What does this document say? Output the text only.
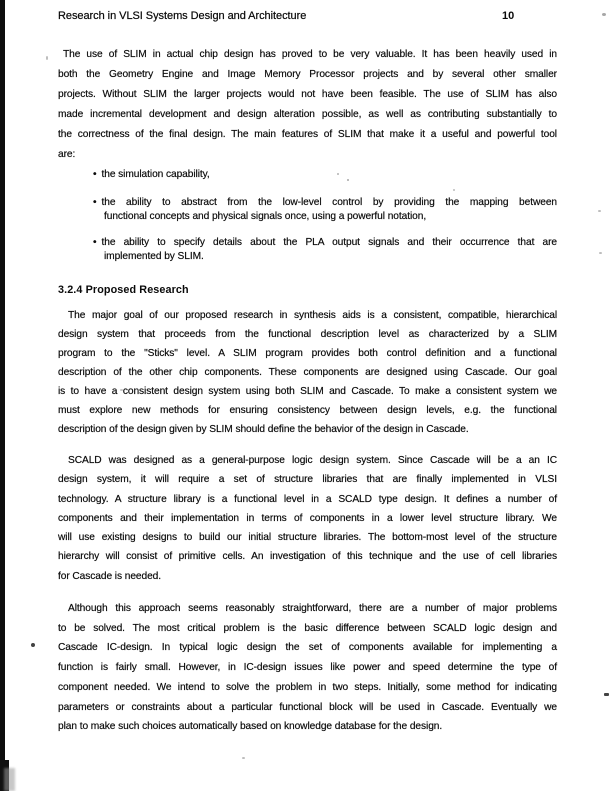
Research in VLSI Systems Design and Architecture	10
The use of SLIM in actual chip design has proved to be very valuable. It has been heavily used in
both the Geometry Engine and Image Memory Processor projects and by several other smaller
projects. Without SLIM the larger projects would not have been feasible. The use of SLIM has also
made incremental development and design alteration possible, as well as contributing substantially to
the correctness of the final design. The main features of SLIM that make it a useful and powerful tool
are:
• the simulation capability,
• the ability to abstract from the low-level control by providing the mapping between
functional concepts and physical signals once, using a powerful notation,
• the ability to specify details about the PLA output signals and their occurrence that are
implemented by SLIM.
3.2.4 Proposed Research
The major goal of our proposed research in synthesis aids is a consistent, compatible, hierarchical
design system that proceeds from the functional description level as characterized by a SLIM
program to the "Sticks" level. A SLIM program provides both control definition and a functional
description of the other chip components. These components are designed using Cascade. Our goal
is to have a consistent design system using both SLIM and Cascade. To make a consistent system we
must explore new methods for ensuring consistency between design levels, e.g. the functional
description of the design given by SLIM should define the behavior of the design in Cascade.
SCALD was designed as a general-purpose logic design system. Since Cascade will be a an IC
design system, it will require a set of structure libraries that are finally implemented in VLSI
technology. A structure library is a functional level in a SCALD type design. It defines a number of
components and their implementation in terms of components in a lower level structure library. We
will use existing designs to build our initial structure libraries. The bottom-most level of the structure
hierarchy will consist of primitive cells. An investigation of this technique and the use of cell libraries
for Cascade is needed.
Although this approach seems reasonably straightforward, there are a number of major problems
to be solved. The most critical problem is the basic difference between SCALD logic design and
Cascade IC-design. In typical logic design the set of components available for implementing a
function is fairly small. However, in IC-design issues like power and speed determine the type of
component needed. We intend to solve the problem in two steps. Initially, some method for indicating
parameters or constraints about a particular functional block will be used in Cascade. Eventually we
plan to make such choices automatically based on knowledge database for the design.
